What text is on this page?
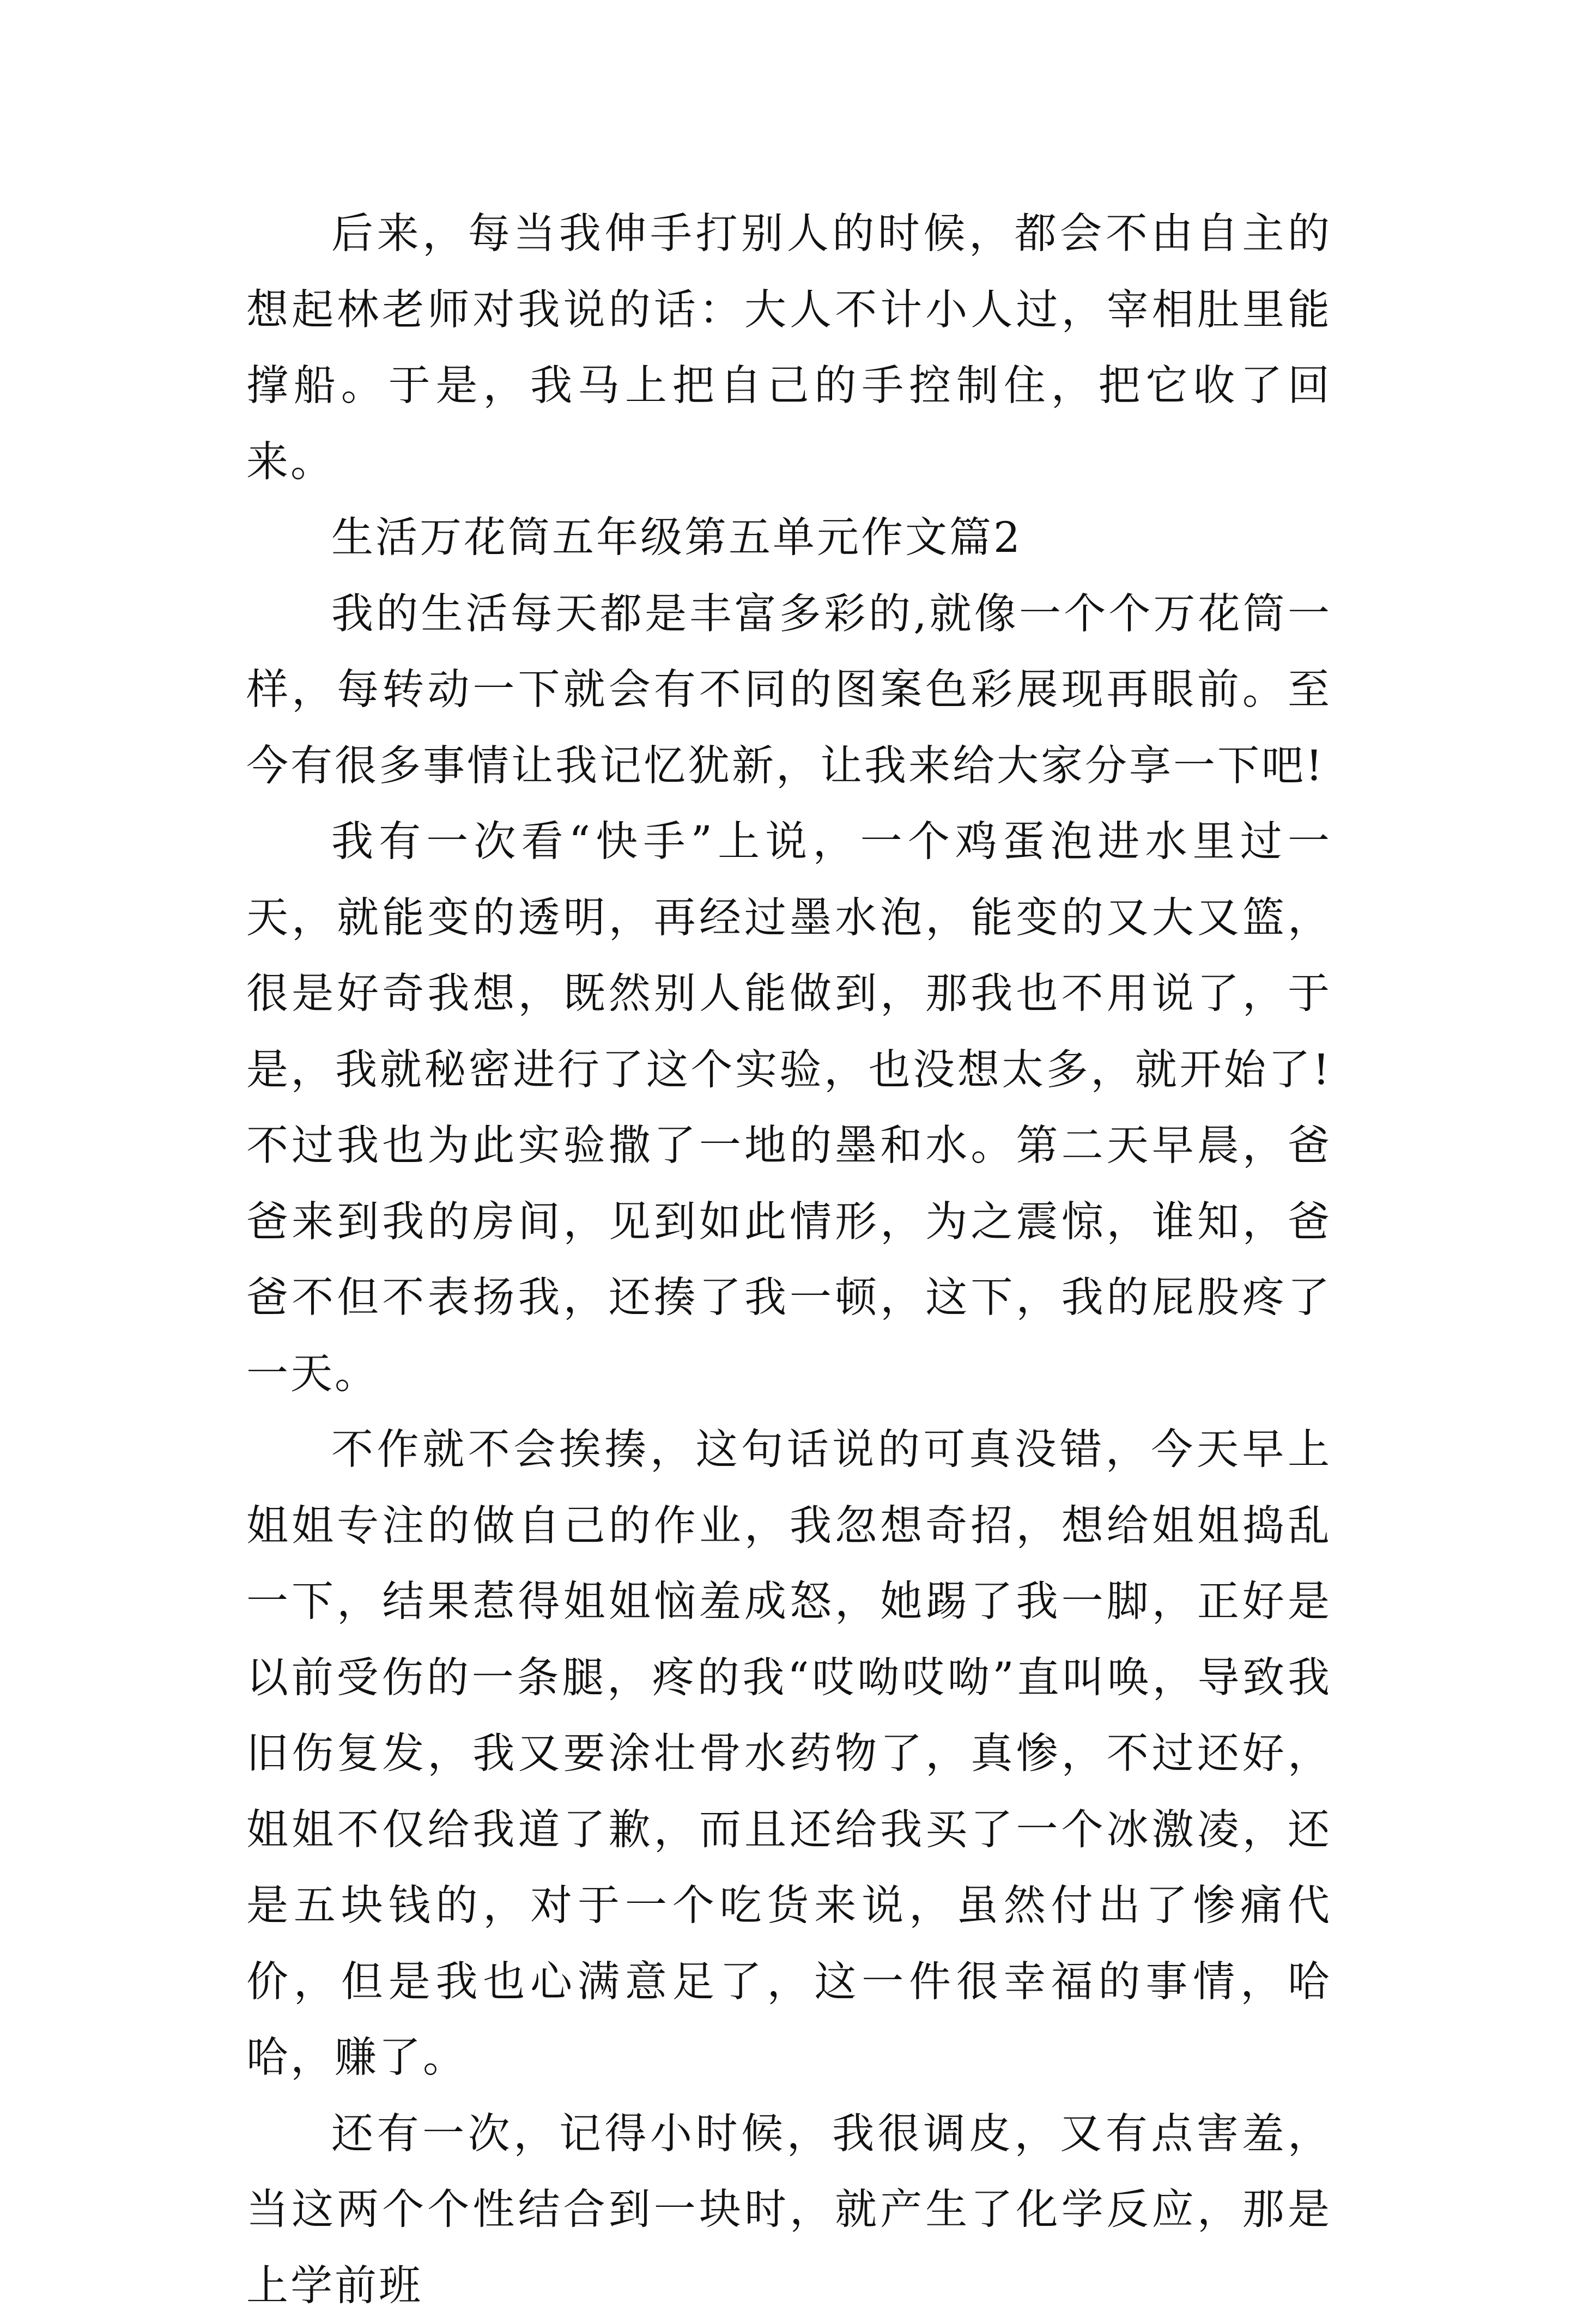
后来，每当我伸手打别人的时候，都会不由自主的想起林老师对我说的话：大人不计小人过，宰相肚里能撑船。于是，我马上把自己的手控制住，把它收了回来。

生活万花筒五年级第五单元作文篇2

我的生活每天都是丰富多彩的,就像一个个万花筒一样，每转动一下就会有不同的图案色彩展现再眼前。至今有很多事情让我记忆犹新，让我来给大家分享一下吧!

我有一次看“快手”上说，一个鸡蛋泡进水里过一天，就能变的透明，再经过墨水泡，能变的又大又篮，很是好奇我想，既然别人能做到，那我也不用说了，于是，我就秘密进行了这个实验，也没想太多，就开始了!不过我也为此实验撒了一地的墨和水。第二天早晨，爸爸来到我的房间，见到如此情形，为之震惊，谁知，爸爸不但不表扬我，还揍了我一顿，这下，我的屁股疼了一天。

不作就不会挨揍，这句话说的可真没错，今天早上姐姐专注的做自己的作业，我忽想奇招，想给姐姐捣乱一下，结果惹得姐姐恼羞成怒，她踢了我一脚，正好是以前受伤的一条腿，疼的我“哎呦哎呦”直叫唤，导致我旧伤复发，我又要涂壮骨水药物了，真惨，不过还好，姐姐不仅给我道了歉，而且还给我买了一个冰激凌，还是五块钱的，对于一个吃货来说，虽然付出了惨痛代价，但是我也心满意足了，这一件很幸福的事情，哈哈，赚了。

还有一次，记得小时候，我很调皮，又有点害羞，当这两个个性结合到一块时，就产生了化学反应，那是上学前班
